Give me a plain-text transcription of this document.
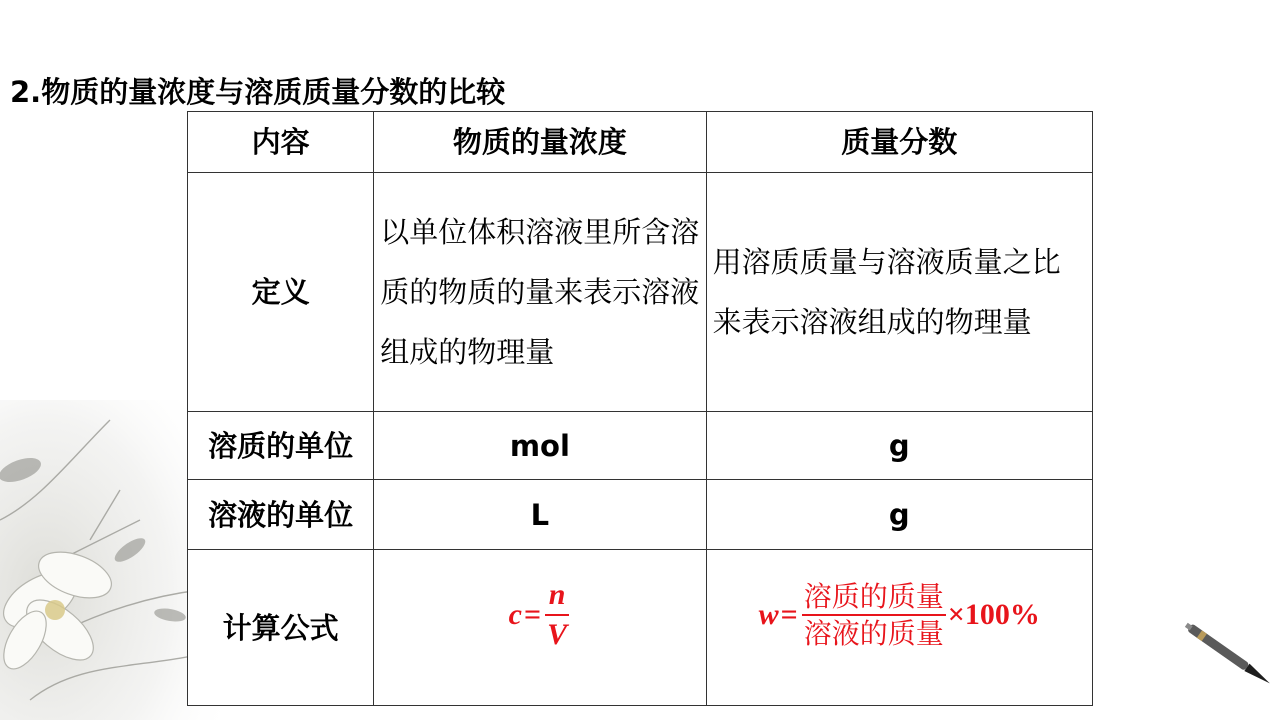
2.物质的量浓度与溶质质量分数的比较
内容	物质的量浓度	质量分数
定义	以单位体积溶液里所含溶质的物质的量来表示溶液组成的物理量	用溶质质量与溶液质量之比来表示溶液组成的物理量
溶质的单位	mol	g
溶液的单位	L	g
计算公式	$c = \frac{n}{V}$	$w = \frac{\text{溶质的质量}}{\text{溶液的质量}} \times 100\%$
